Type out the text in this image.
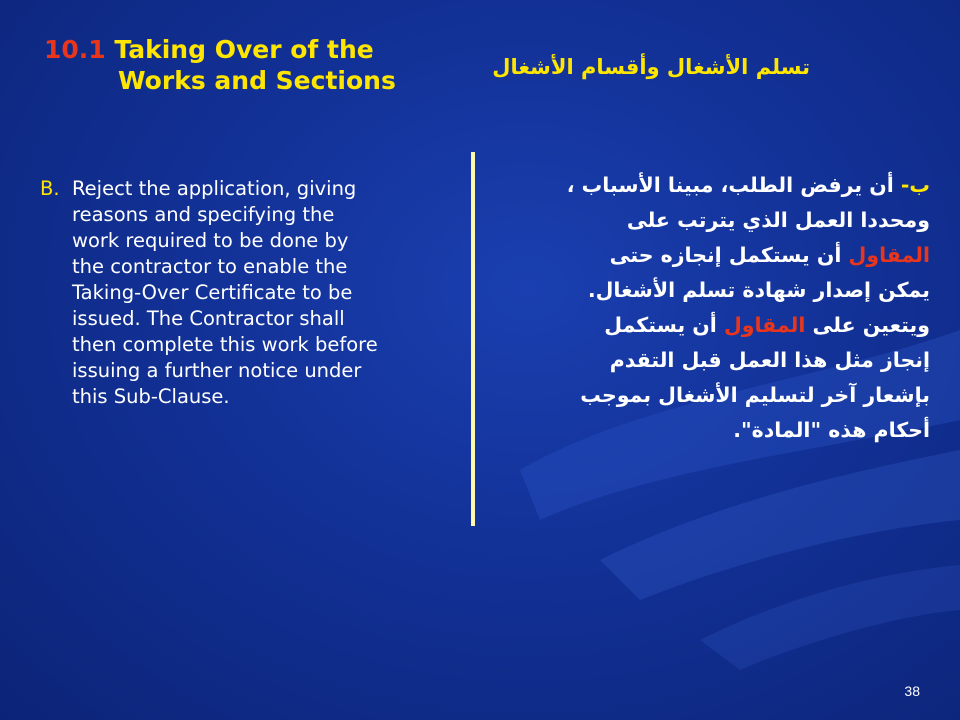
10.1 Taking Over of the
Works and Sections	تسلم الأشغال وأقسام الأشغال
B. Reject the application, giving reasons and specifying the work required to be done by the contractor to enable the Taking-Over Certificate to be issued. The Contractor shall then complete this work before issuing a further notice under this Sub-Clause.
ب- أن يرفض الطلب، مبينا الأسباب ، ومحددا العمل الذي يترتب على المقاول أن يستكمل إنجازه حتى يمكن إصدار شهادة تسلم الأشغال. ويتعين على المقاول أن يستكمل إنجاز مثل هذا العمل قبل التقدم بإشعار آخر لتسليم الأشغال بموجب أحكام هذه "المادة".
38
